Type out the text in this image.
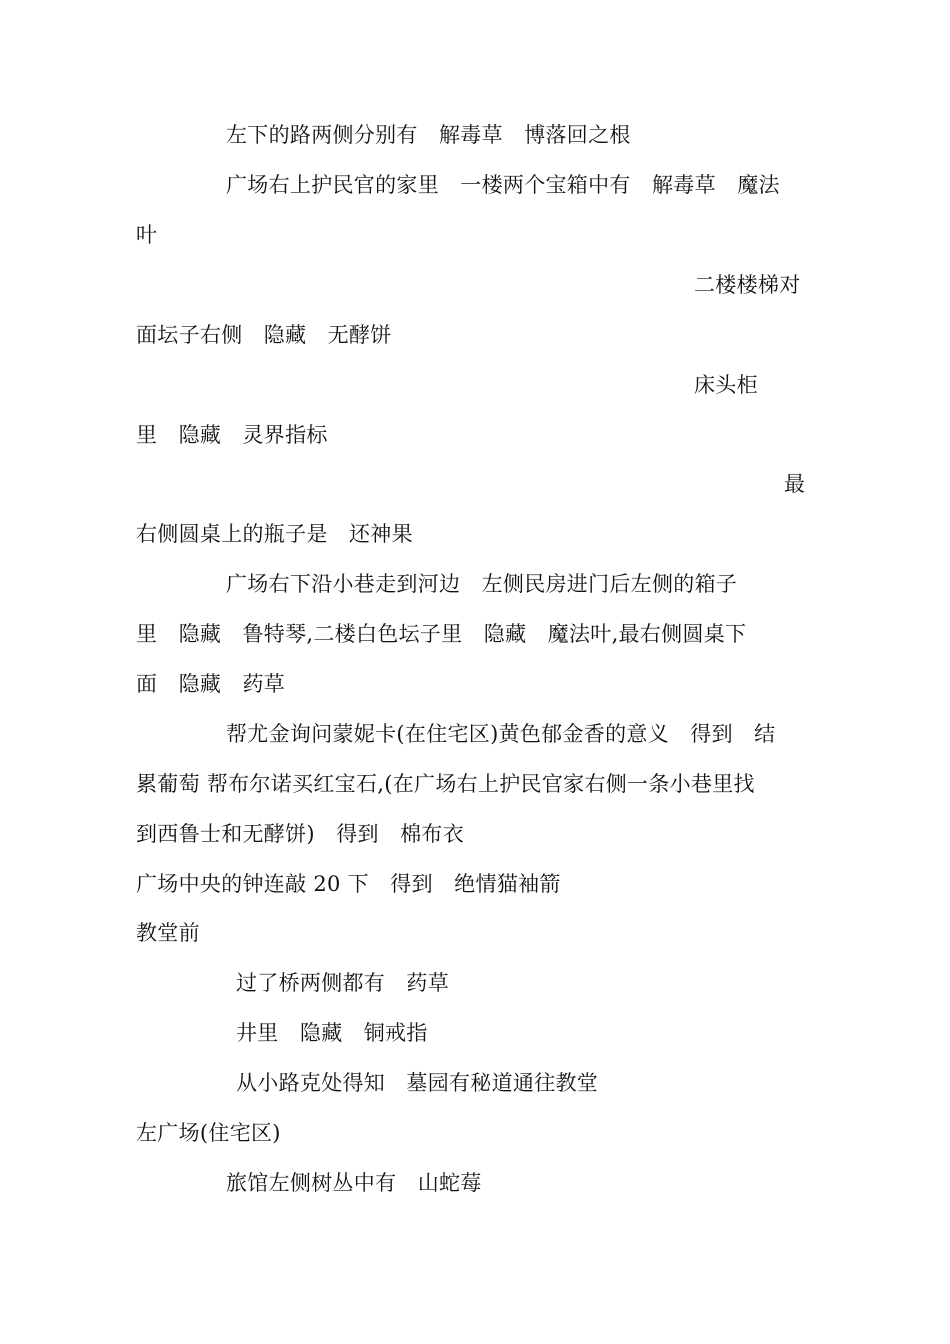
左下的路两侧分别有　解毒草　博落回之根
广场右上护民官的家里　一楼两个宝箱中有　解毒草　魔法
叶
二楼楼梯对
面坛子右侧　隐藏　无酵饼
床头柜
里　隐藏　灵界指标
最
右侧圆桌上的瓶子是　还神果
广场右下沿小巷走到河边　左侧民房进门后左侧的箱子
里　隐藏　鲁特琴,二楼白色坛子里　隐藏　魔法叶,最右侧圆桌下
面　隐藏　药草
帮尤金询问蒙妮卡(在住宅区)黄色郁金香的意义　得到　结
累葡萄 帮布尔诺买红宝石,(在广场右上护民官家右侧一条小巷里找
到西鲁士和无酵饼)　得到　棉布衣
广场中央的钟连敲 20 下　得到　绝情猫袖箭
教堂前
过了桥两侧都有　药草
井里　隐藏　铜戒指
从小路克处得知　墓园有秘道通往教堂
左广场(住宅区)
旅馆左侧树丛中有　山蛇莓
